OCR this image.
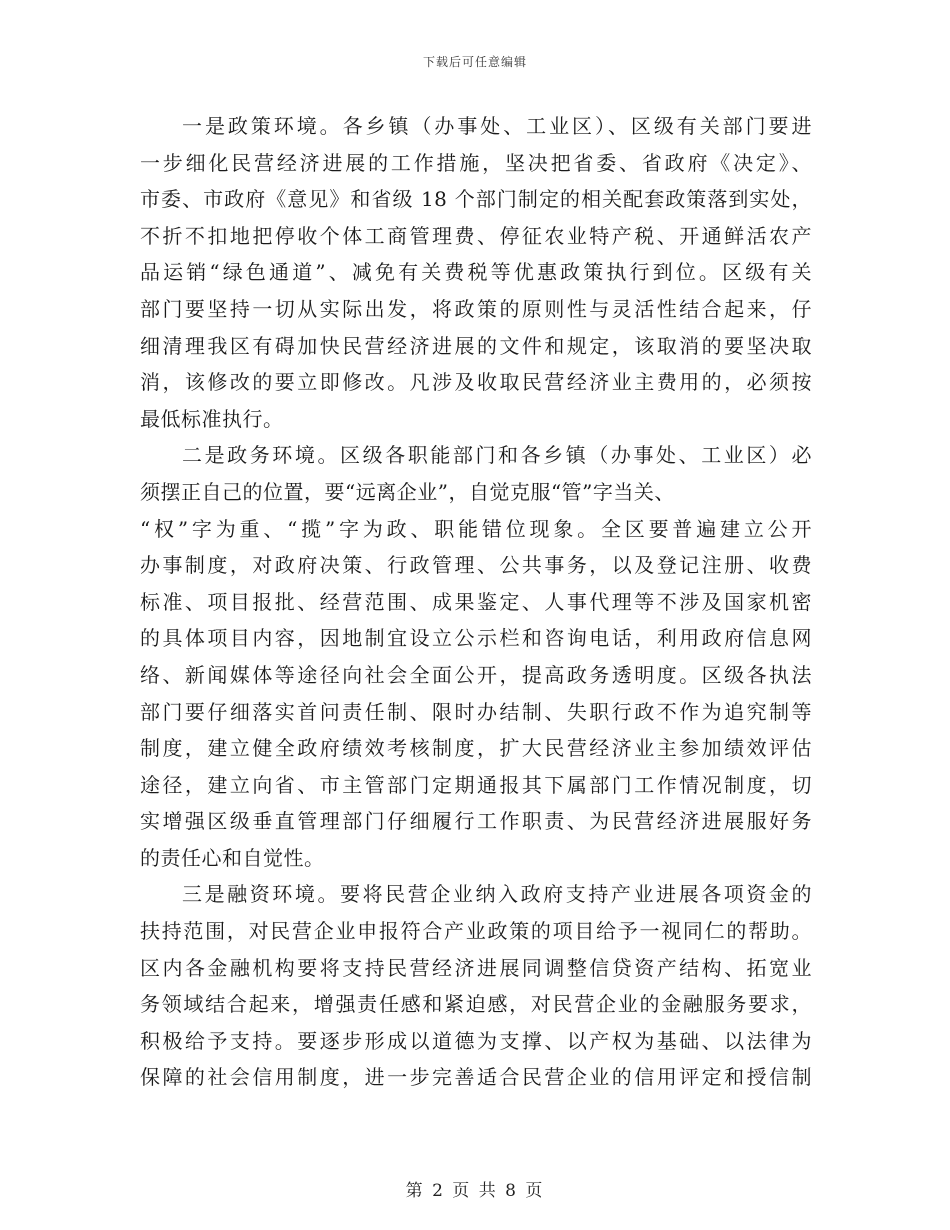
下载后可任意编辑
一是政策环境。各乡镇（办事处、工业区）、区级有关部门要进
一步细化民营经济进展的工作措施，坚决把省委、省政府《决定》、
市委、市政府《意见》和省级 18 个部门制定的相关配套政策落到实处，
不折不扣地把停收个体工商管理费、停征农业特产税、开通鲜活农产
品运销“绿色通道”、减免有关费税等优惠政策执行到位。区级有关
部门要坚持一切从实际出发，将政策的原则性与灵活性结合起来，仔
细清理我区有碍加快民营经济进展的文件和规定，该取消的要坚决取
消，该修改的要立即修改。凡涉及收取民营经济业主费用的，必须按
最低标准执行。
二是政务环境。区级各职能部门和各乡镇（办事处、工业区）必
须摆正自己的位置，要“远离企业”，自觉克服“管”字当关、
“权”字为重、“揽”字为政、职能错位现象。全区要普遍建立公开
办事制度，对政府决策、行政管理、公共事务，以及登记注册、收费
标准、项目报批、经营范围、成果鉴定、人事代理等不涉及国家机密
的具体项目内容，因地制宜设立公示栏和咨询电话，利用政府信息网
络、新闻媒体等途径向社会全面公开，提高政务透明度。区级各执法
部门要仔细落实首问责任制、限时办结制、失职行政不作为追究制等
制度，建立健全政府绩效考核制度，扩大民营经济业主参加绩效评估
途径，建立向省、市主管部门定期通报其下属部门工作情况制度，切
实增强区级垂直管理部门仔细履行工作职责、为民营经济进展服好务
的责任心和自觉性。
三是融资环境。要将民营企业纳入政府支持产业进展各项资金的
扶持范围，对民营企业申报符合产业政策的项目给予一视同仁的帮助。
区内各金融机构要将支持民营经济进展同调整信贷资产结构、拓宽业
务领域结合起来，增强责任感和紧迫感，对民营企业的金融服务要求，
积极给予支持。要逐步形成以道德为支撑、以产权为基础、以法律为
保障的社会信用制度，进一步完善适合民营企业的信用评定和授信制
第 2 页 共 8 页
